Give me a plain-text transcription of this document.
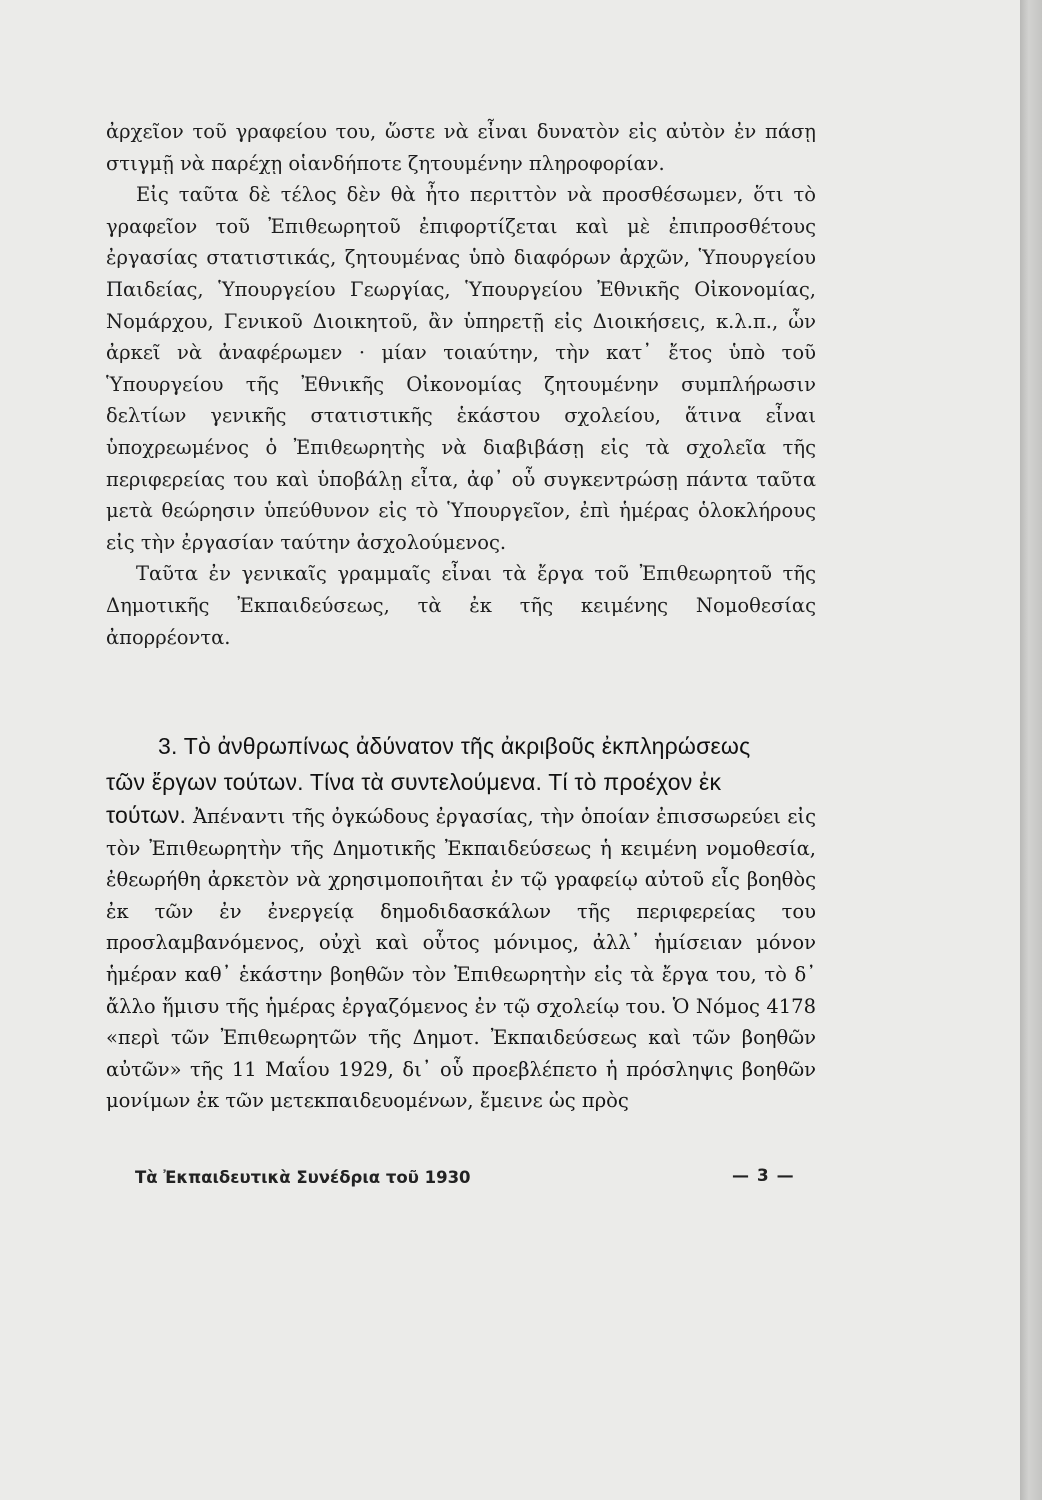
ἀρχεῖον τοῦ γραφείου του, ὥστε νὰ εἶναι δυνατὸν εἰς αὐτὸν ἐν πάσῃ στιγμῇ νὰ παρέχῃ οἱανδήποτε ζητουμένην πληροφορίαν.

Εἰς ταῦτα δὲ τέλος δὲν θὰ ἦτο περιττὸν νὰ προσθέσωμεν, ὅτι τὸ γραφεῖον τοῦ Ἐπιθεωρητοῦ ἐπιφορτίζεται καὶ μὲ ἐπιπροσθέτους ἐργασίας στατιστικάς, ζητουμένας ὑπὸ διαφόρων ἀρχῶν, Ὑπουργείου Παιδείας, Ὑπουργείου Γεωργίας, Ὑπουργείου Ἐθνικῆς Οἰκονομίας, Νομάρχου, Γενικοῦ Διοικητοῦ, ἂν ὑπηρετῇ εἰς Διοικήσεις, κ.λ.π., ὧν ἀρκεῖ νὰ ἀναφέρωμεν · μίαν τοιαύτην, τὴν κατ᾽ ἔτος ὑπὸ τοῦ Ὑπουργείου τῆς Ἐθνικῆς Οἰκονομίας ζητουμένην συμπλήρωσιν δελτίων γενικῆς στατιστικῆς ἑκάστου σχολείου, ἅτινα εἶναι ὑποχρεωμένος ὁ Ἐπιθεωρητὴς νὰ διαβιβάσῃ εἰς τὰ σχολεῖα τῆς περιφερείας του καὶ ὑποβάλῃ εἶτα, ἀφ᾽ οὗ συγκεντρώσῃ πάντα ταῦτα μετὰ θεώρησιν ὑπεύθυνον εἰς τὸ Ὑπουργεῖον, ἐπὶ ἡμέρας ὁλοκλήρους εἰς τὴν ἐργασίαν ταύτην ἀσχολούμενος.

Ταῦτα ἐν γενικαῖς γραμμαῖς εἶναι τὰ ἔργα τοῦ Ἐπιθεωρητοῦ τῆς Δημοτικῆς Ἐκπαιδεύσεως, τὰ ἐκ τῆς κειμένης Νομοθεσίας ἀπορρέοντα.

3. Τὸ ἀνθρωπίνως ἀδύνατον τῆς ἀκριβοῦς ἐκπληρώσεως
τῶν ἔργων τούτων. Τίνα τὰ συντελούμενα. Τί τὸ προέχον ἐκ
τούτων. Ἀπέναντι τῆς ὀγκώδους ἐργασίας, τὴν ὁποίαν ἐπισσωρεύει εἰς τὸν Ἐπιθεωρητὴν τῆς Δημοτικῆς Ἐκπαιδεύσεως ἡ κειμένη νομοθεσία, ἐθεωρήθη ἀρκετὸν νὰ χρησιμοποιῆται ἐν τῷ γραφείῳ αὐτοῦ εἷς βοηθὸς ἐκ τῶν ἐν ἐνεργείᾳ δημοδιδασκάλων τῆς περιφερείας του προσλαμβανόμενος, οὐχὶ καὶ οὗτος μόνιμος, ἀλλ᾽ ἡμίσειαν μόνον ἡμέραν καθ᾽ ἑκάστην βοηθῶν τὸν Ἐπιθεωρητὴν εἰς τὰ ἔργα του, τὸ δ᾽ ἄλλο ἥμισυ τῆς ἡμέρας ἐργαζόμενος ἐν τῷ σχολείῳ του. Ὁ Νόμος 4178 «περὶ τῶν Ἐπιθεωρητῶν τῆς Δημοτ. Ἐκπαιδεύσεως καὶ τῶν βοηθῶν αὐτῶν» τῆς 11 Μαΐου 1929, δι᾽ οὗ προεβλέπετο ἡ πρόσληψις βοηθῶν μονίμων ἐκ τῶν μετεκπαιδευομένων, ἔμεινε ὡς πρὸς
Τὰ Ἐκπαιδευτικὰ Συνέδρια τοῦ 1930	— 3 —
